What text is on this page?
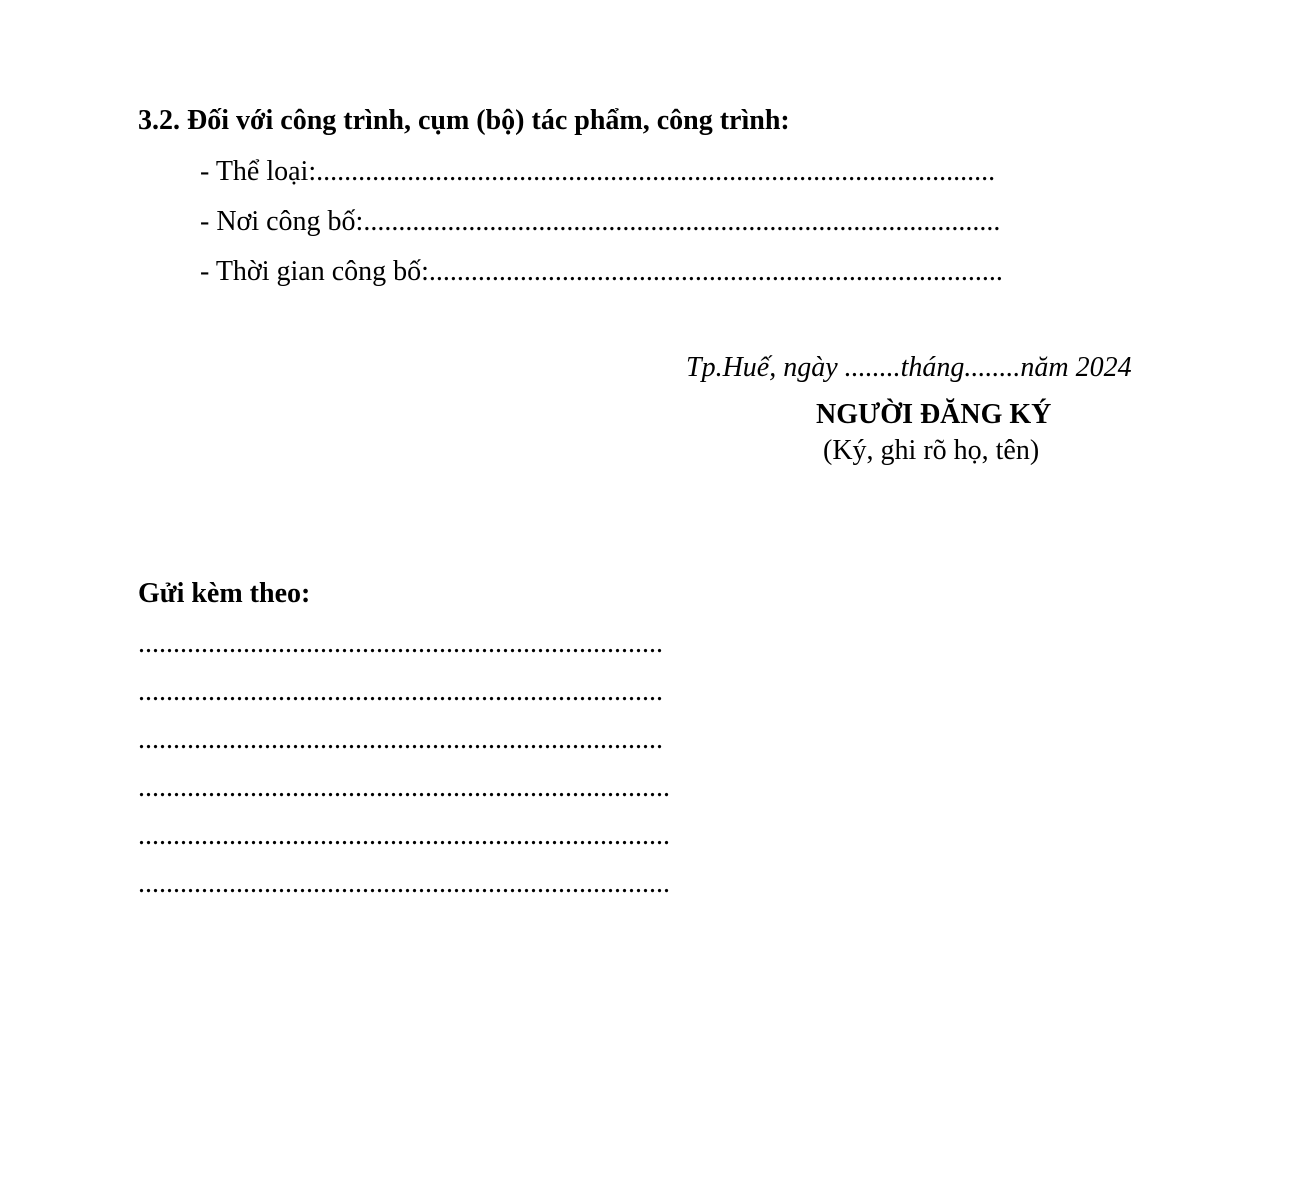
3.2. Đối với công trình, cụm (bộ) tác phẩm, công trình:

- Thể loại:.................................................................................................

- Nơi công bố:...........................................................................................

- Thời gian công bố:..................................................................................

Tp.Huế, ngày ........tháng........năm 2024

NGƯỜI ĐĂNG KÝ

(Ký, ghi rõ họ, tên)

Gửi kèm theo:

...........................................................................

...........................................................................

...........................................................................

............................................................................

............................................................................

............................................................................
